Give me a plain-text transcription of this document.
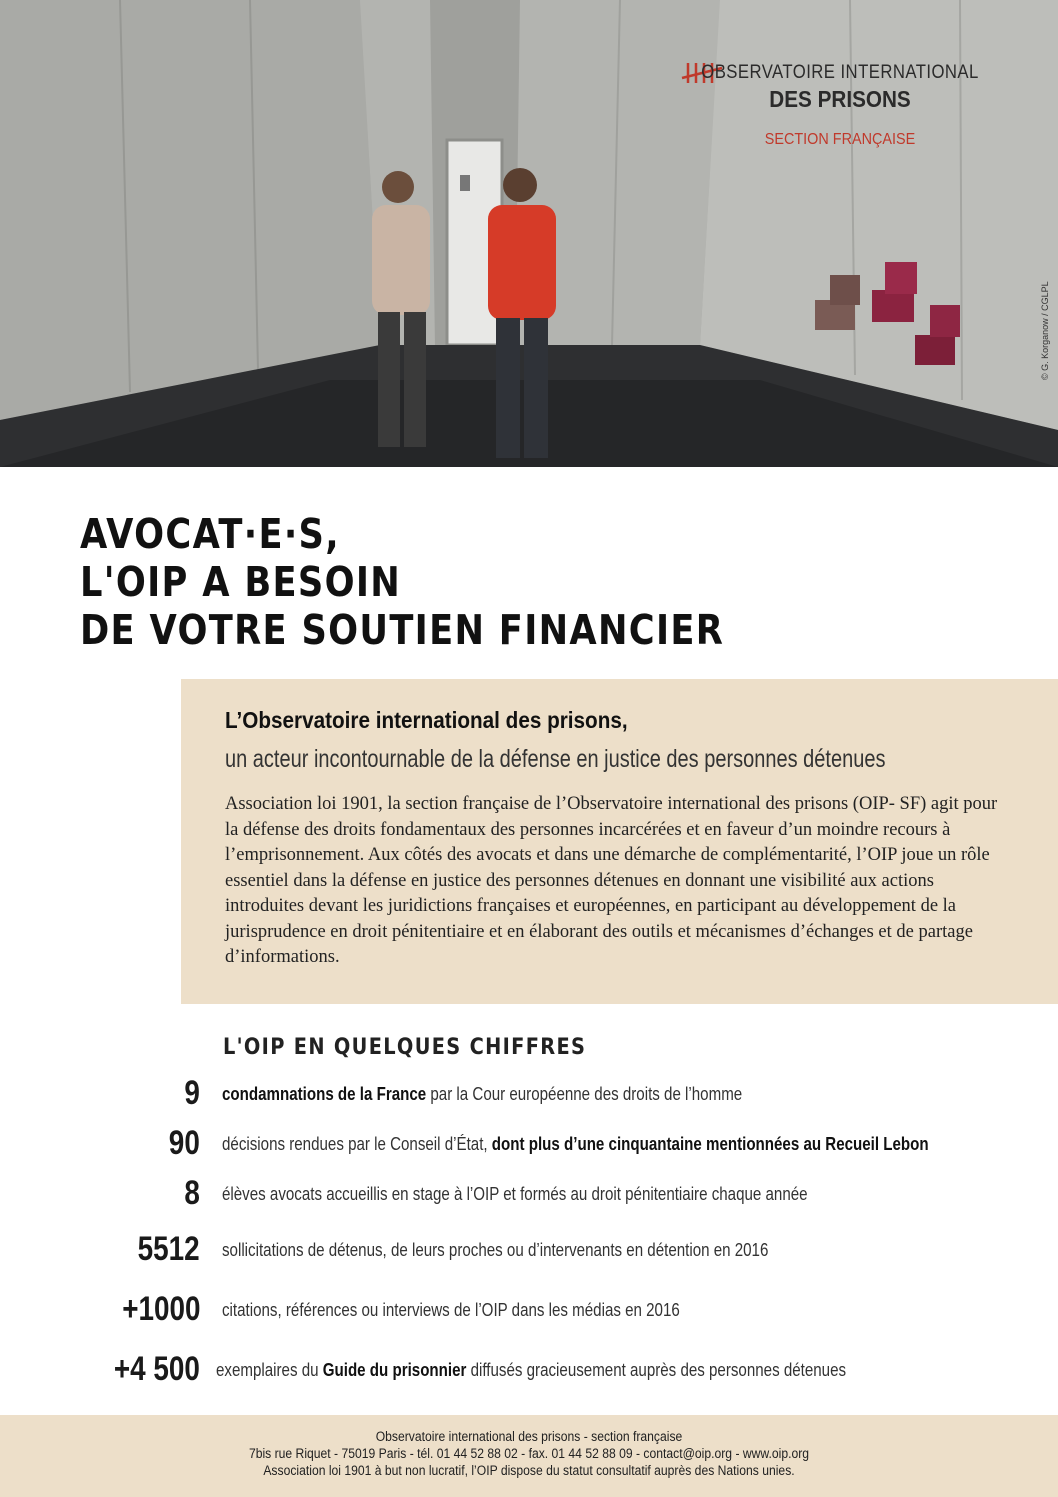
OBSERVATOIRE INTERNATIONAL
DES PRISONS
SECTION FRANÇAISE
© G. Korganow / CGLPL
AVOCAT·E·S,
L'OIP A BESOIN
DE VOTRE SOUTIEN FINANCIER
L’Observatoire international des prisons,
un acteur incontournable de la défense en justice des personnes détenues
Association loi 1901, la section française de l’Observatoire international des prisons (OIP- SF) agit pour la défense des droits fondamentaux des personnes incarcérées et en faveur d’un moindre recours à l’emprisonnement. Aux côtés des avocats et dans une démarche de complémentarité, l’OIP joue un rôle essentiel dans la défense en justice des personnes détenues en donnant une visibilité aux actions introduites devant les juridictions françaises et européennes, en participant au développement de la jurisprudence en droit pénitentiaire et en élaborant des outils et mécanismes d’échanges et de partage d’informations.
L'OIP EN QUELQUES CHIFFRES
9 condamnations de la France par la Cour européenne des droits de l’homme
90 décisions rendues par le Conseil d’État, dont plus d’une cinquantaine mentionnées au Recueil Lebon
8 élèves avocats accueillis en stage à l’OIP et formés au droit pénitentiaire chaque année
5512 sollicitations de détenus, de leurs proches ou d’intervenants en détention en 2016
+1000 citations, références ou interviews de l’OIP dans les médias en 2016
+4 500 exemplaires du Guide du prisonnier diffusés gracieusement auprès des personnes détenues
Observatoire international des prisons - section française
7bis rue Riquet - 75019 Paris - tél. 01 44 52 88 02 - fax. 01 44 52 88 09 - contact@oip.org - www.oip.org
Association loi 1901 à but non lucratif, l’OIP dispose du statut consultatif auprès des Nations unies.
